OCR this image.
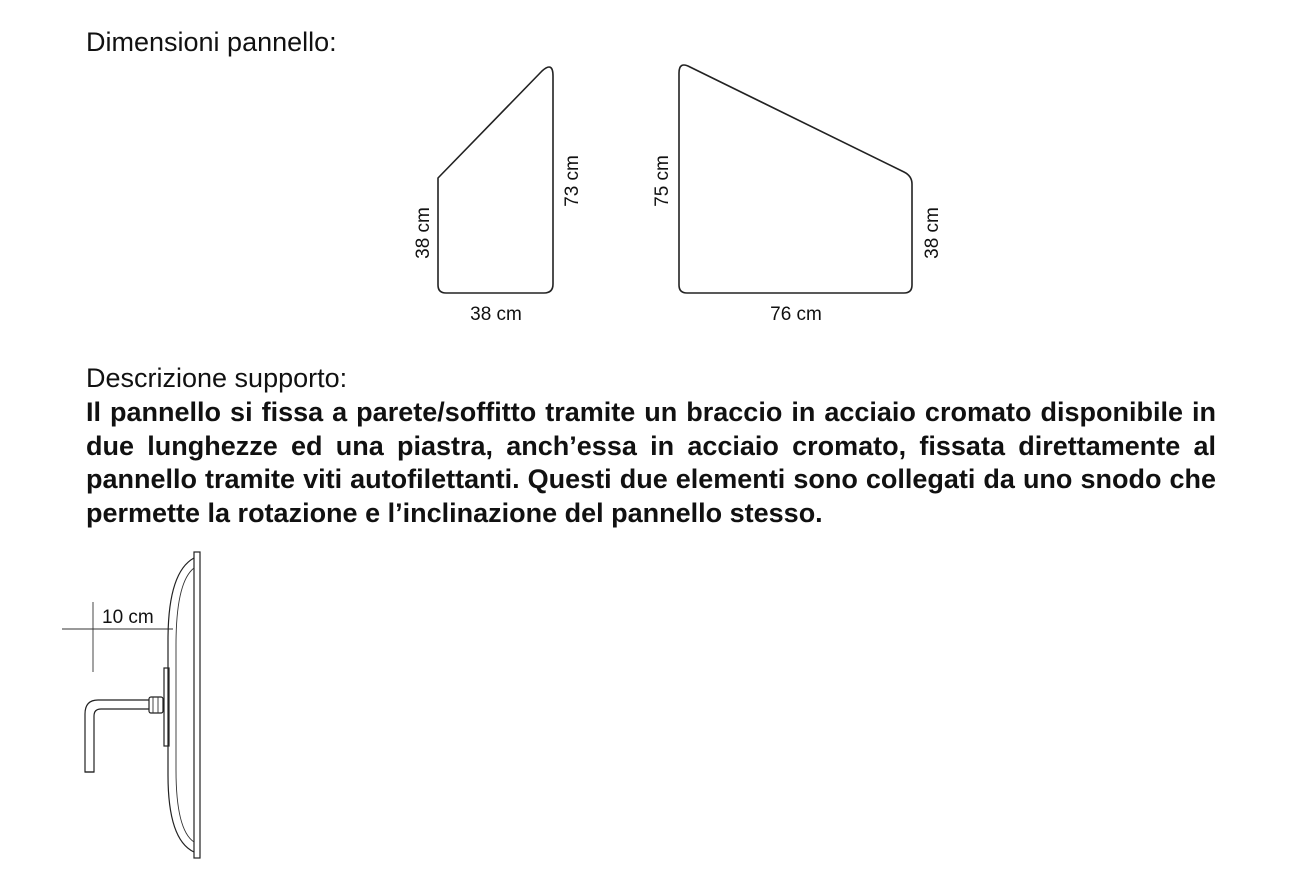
Dimensioni pannello:
38 cm
73 cm
38 cm
75 cm
38 cm
76 cm
10 cm
Descrizione supporto:

Il pannello si fissa a parete/soffitto tramite un braccio in acciaio cromato disponibile in due lunghezze ed una piastra, anch’essa in acciaio cromato, fissata direttamente al pannello tramite viti autofilettanti. Questi due elementi sono collegati da uno snodo che permette la rotazione e l’inclinazione del pannello stesso.
